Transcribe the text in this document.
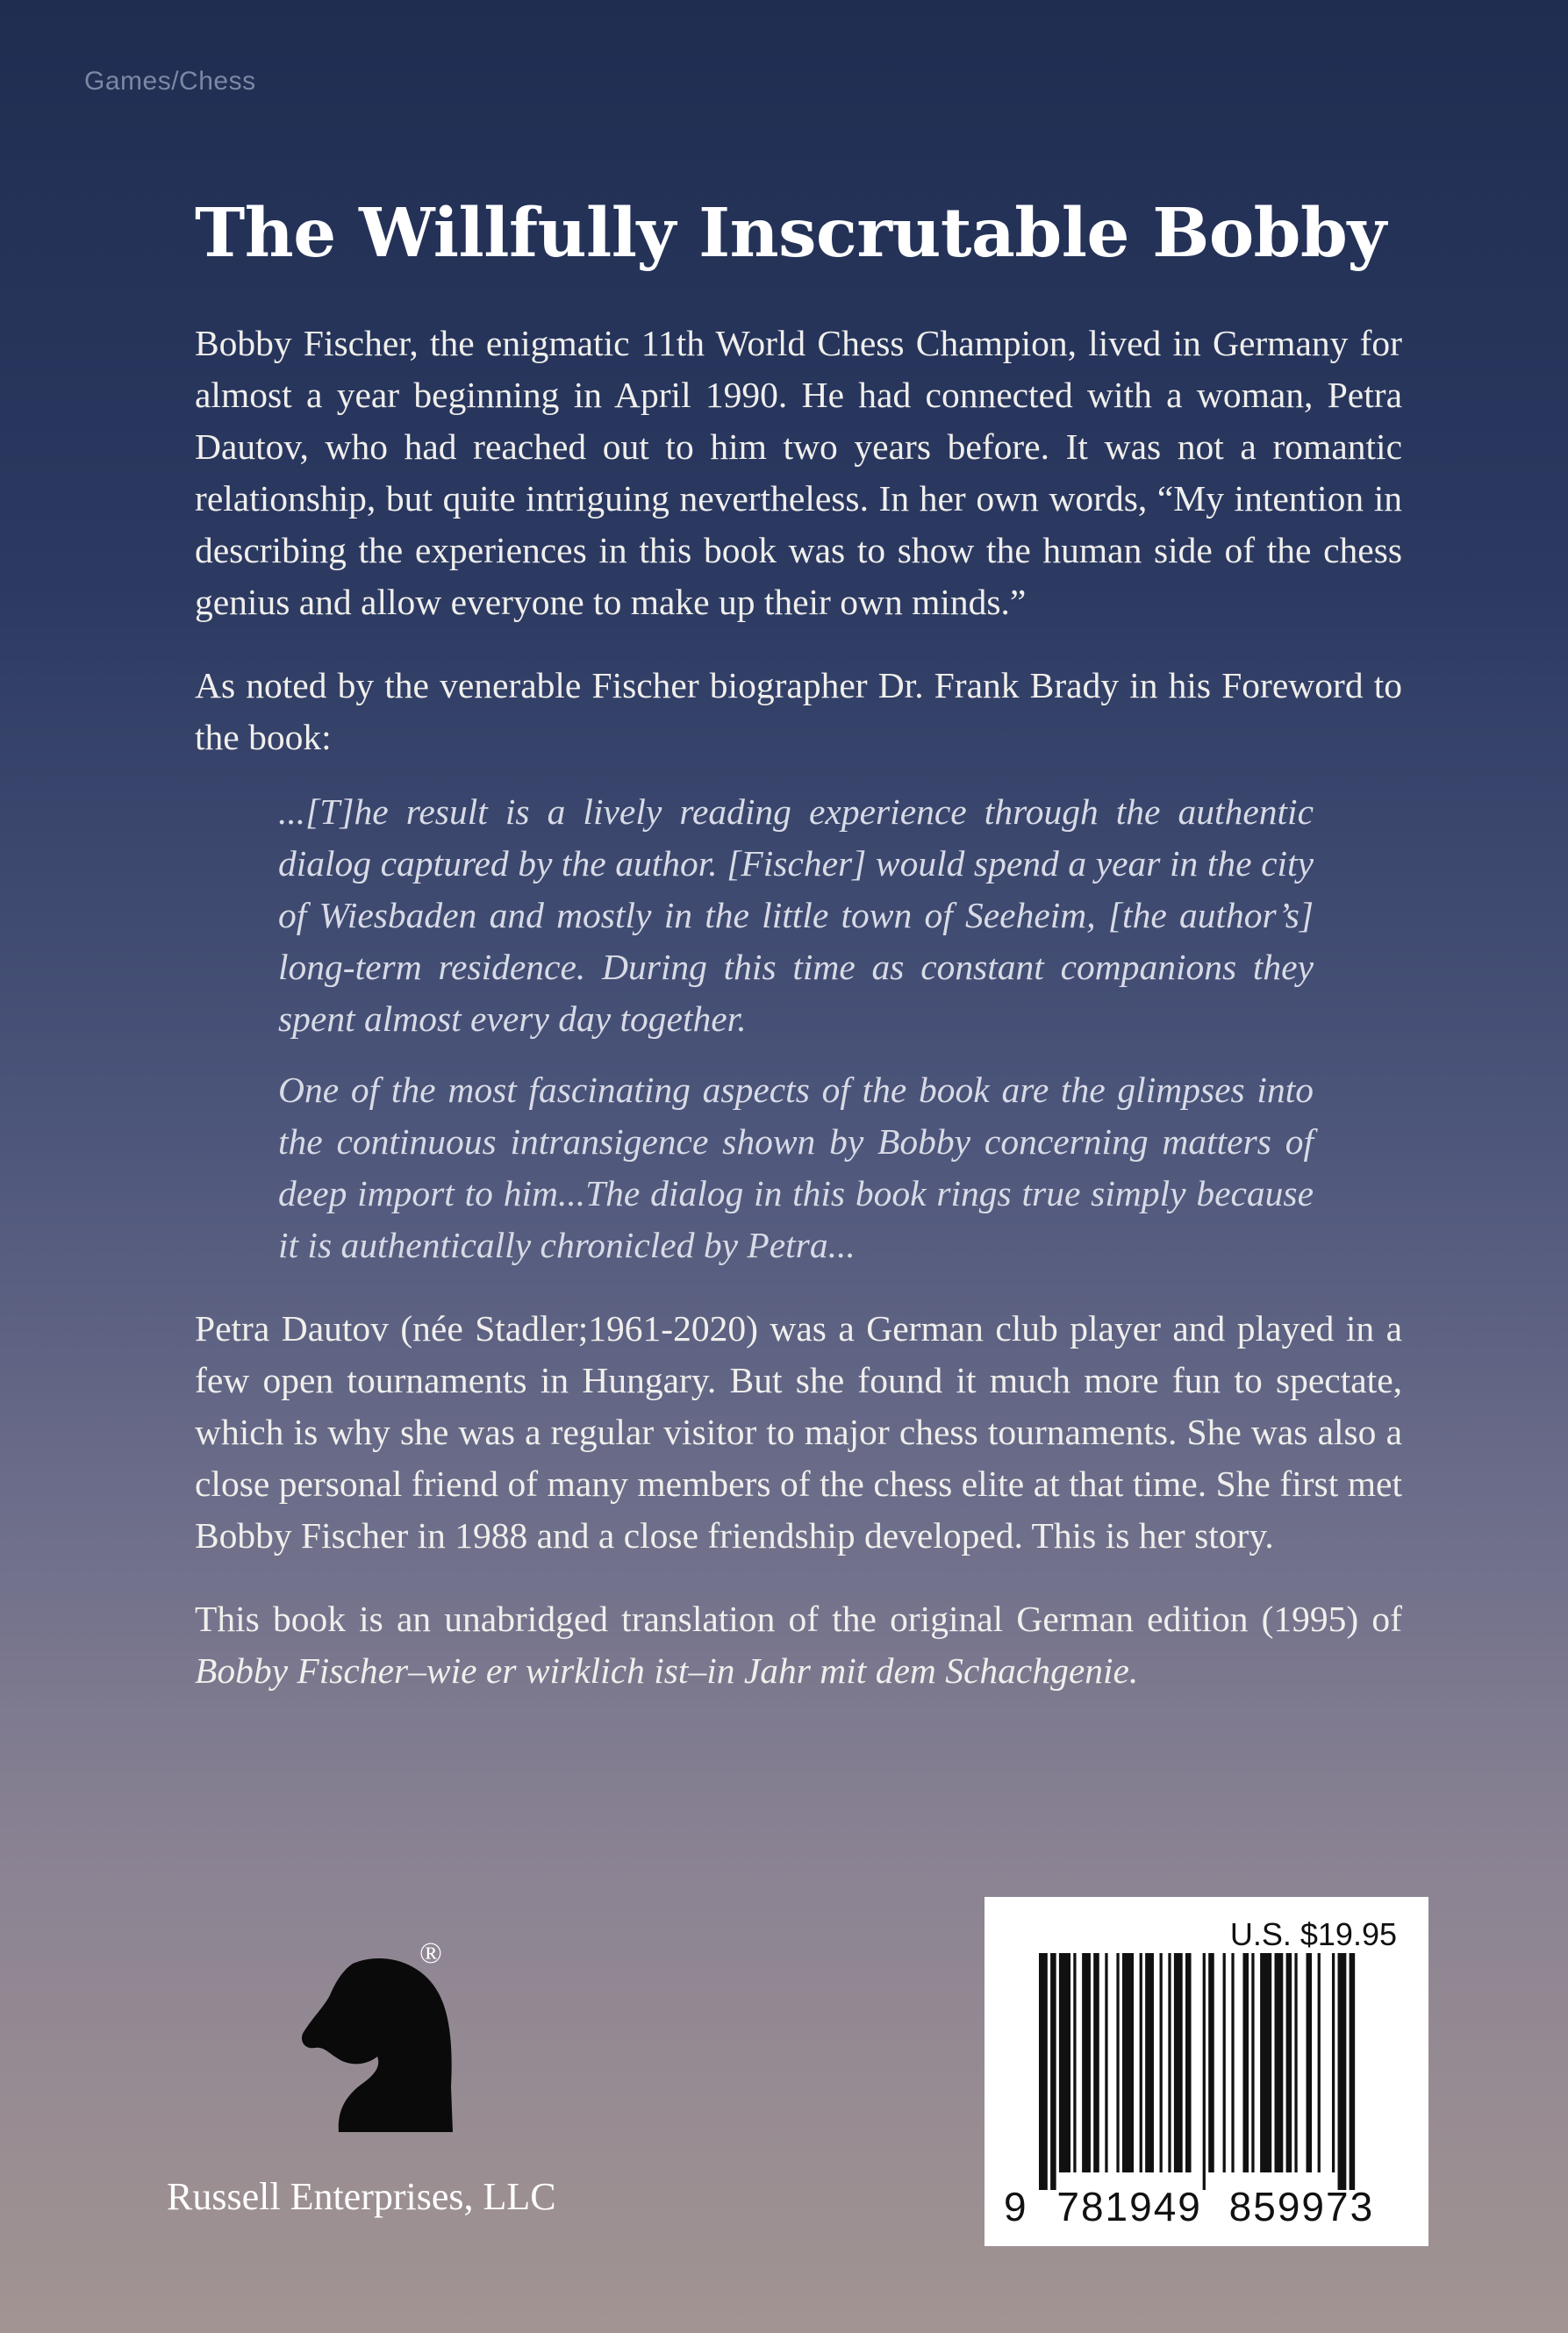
Games/Chess
The Willfully Inscrutable Bobby

Bobby Fischer, the enigmatic 11th World Chess Champion, lived in Germany for almost a year beginning in April 1990. He had connected with a woman, Petra Dautov, who had reached out to him two years before. It was not a romantic relationship, but quite intriguing nevertheless. In her own words, “My intention in describing the experiences in this book was to show the human side of the chess genius and allow everyone to make up their own minds.”

As noted by the venerable Fischer biographer Dr. Frank Brady in his Foreword to the book:

...[T]he result is a lively reading experience through the authentic dialog captured by the author. [Fischer] would spend a year in the city of Wiesbaden and mostly in the little town of Seeheim, [the author’s] long-term residence. During this time as constant companions they spent almost every day together.

One of the most fascinating aspects of the book are the glimpses into the continuous intransigence shown by Bobby concerning matters of deep import to him...The dialog in this book rings true simply because it is authentically chronicled by Petra...

Petra Dautov (née Stadler;1961-2020) was a German club player and played in a few open tournaments in Hungary. But she found it much more fun to spectate, which is why she was a regular visitor to major chess tournaments. She was also a close personal friend of many members of the chess elite at that time. She first met Bobby Fischer in 1988 and a close friendship developed. This is her story.

This book is an unabridged translation of the original German edition (1995) of Bobby Fischer–wie er wirklich ist–in Jahr mit dem Schachgenie.

®
Russell Enterprises, LLC
U.S. $19.95
9 781949 859973
